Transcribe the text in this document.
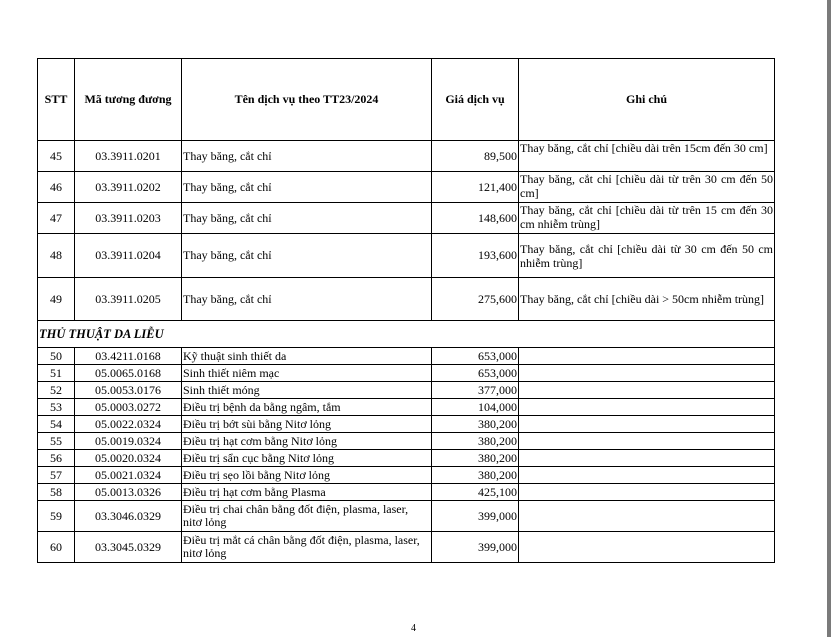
STT	Mã tương đương	Tên dịch vụ theo TT23/2024	Giá dịch vụ	Ghi chú
45	03.3911.0201	Thay băng, cắt chỉ	89,500	Thay băng, cắt chỉ [chiều dài trên 15cm đến 30 cm]
46	03.3911.0202	Thay băng, cắt chỉ	121,400	Thay băng, cắt chỉ [chiều dài từ trên 30 cm đến 50 cm]
47	03.3911.0203	Thay băng, cắt chỉ	148,600	Thay băng, cắt chỉ [chiều dài từ trên 15 cm đến 30 cm nhiễm trùng]
48	03.3911.0204	Thay băng, cắt chỉ	193,600	Thay băng, cắt chỉ [chiều dài từ 30 cm đến 50 cm nhiễm trùng]
49	03.3911.0205	Thay băng, cắt chỉ	275,600	Thay băng, cắt chỉ [chiều dài > 50cm nhiễm trùng]
THỦ THUẬT DA LIỄU				
50	03.4211.0168	Kỹ thuật sinh thiết da	653,000	
51	05.0065.0168	Sinh thiết niêm mạc	653,000	
52	05.0053.0176	Sinh thiết móng	377,000	
53	05.0003.0272	Điều trị bệnh da bằng ngâm, tắm	104,000	
54	05.0022.0324	Điều trị bớt sùi bằng Nitơ lỏng	380,200	
55	05.0019.0324	Điều trị hạt cơm bằng Nitơ lỏng	380,200	
56	05.0020.0324	Điều trị sẩn cục bằng Nitơ lỏng	380,200	
57	05.0021.0324	Điều trị sẹo lồi bằng Nitơ lỏng	380,200	
58	05.0013.0326	Điều trị hạt cơm bằng Plasma	425,100	
59	03.3046.0329	Điều trị chai chân bằng đốt điện, plasma, laser, nitơ lỏng	399,000	
60	03.3045.0329	Điều trị mắt cá chân bằng đốt điện, plasma, laser, nitơ lỏng	399,000	
4
